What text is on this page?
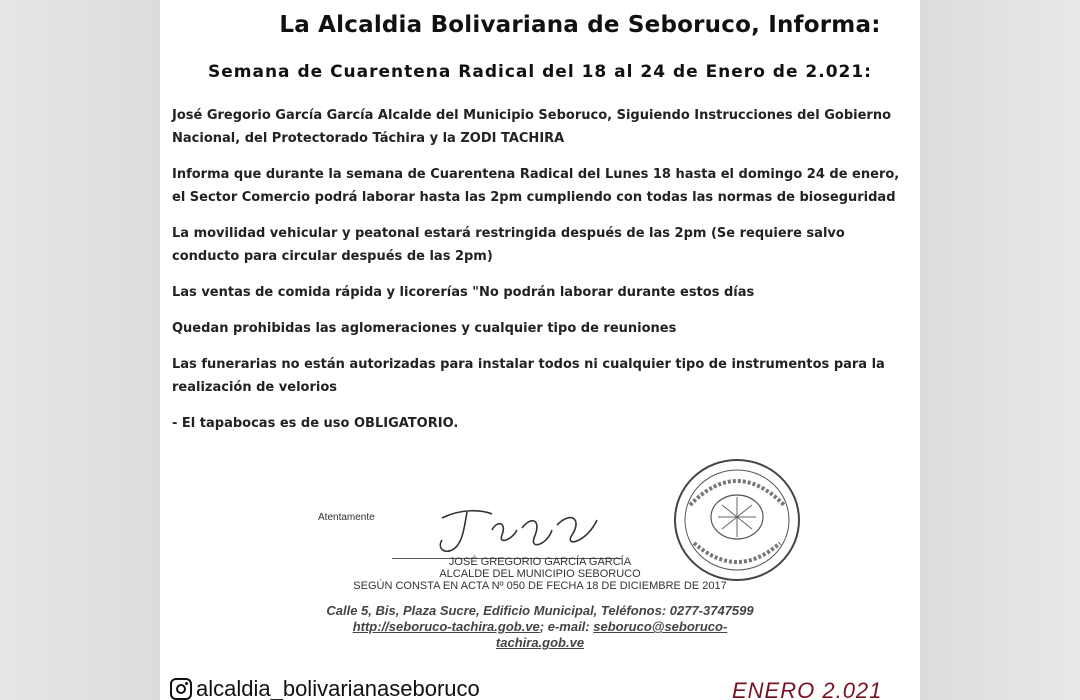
La Alcaldia Bolivariana de Seboruco, Informa:
Semana de Cuarentena Radical del 18 al 24 de Enero de 2.021:

José Gregorio García García Alcalde del Municipio Seboruco, Siguiendo Instrucciones del Gobierno Nacional, del Protectorado Táchira y la ZODI TACHIRA

Informa que durante la semana de Cuarentena Radical del Lunes 18 hasta el domingo 24 de enero, el Sector Comercio podrá laborar hasta las 2pm cumpliendo con todas las normas de bioseguridad

La movilidad vehicular y peatonal estará restringida después de las 2pm (Se requiere salvo conducto para circular después de las 2pm)

Las ventas de comida rápida y licorerías "No podrán laborar durante estos días

Quedan prohibidas las aglomeraciones y cualquier tipo de reuniones

Las funerarias no están autorizadas para instalar todos ni cualquier tipo de instrumentos para la realización de velorios

- El tapabocas es de uso OBLIGATORIO.

Atentamente
JOSÉ GREGORIO GARCÍA GARCÍA
ALCALDE DEL MUNICIPIO SEBORUCO
SEGÚN CONSTA EN ACTA Nº 050 DE FECHA 18 DE DICIEMBRE DE 2017
Calle 5, Bis, Plaza Sucre, Edificio Municipal, Teléfonos: 0277-3747599
http://seboruco-tachira.gob.ve; e-mail: seboruco@seboruco-
tachira.gob.ve
alcaldia_bolivarianaseboruco	ENERO 2.021
